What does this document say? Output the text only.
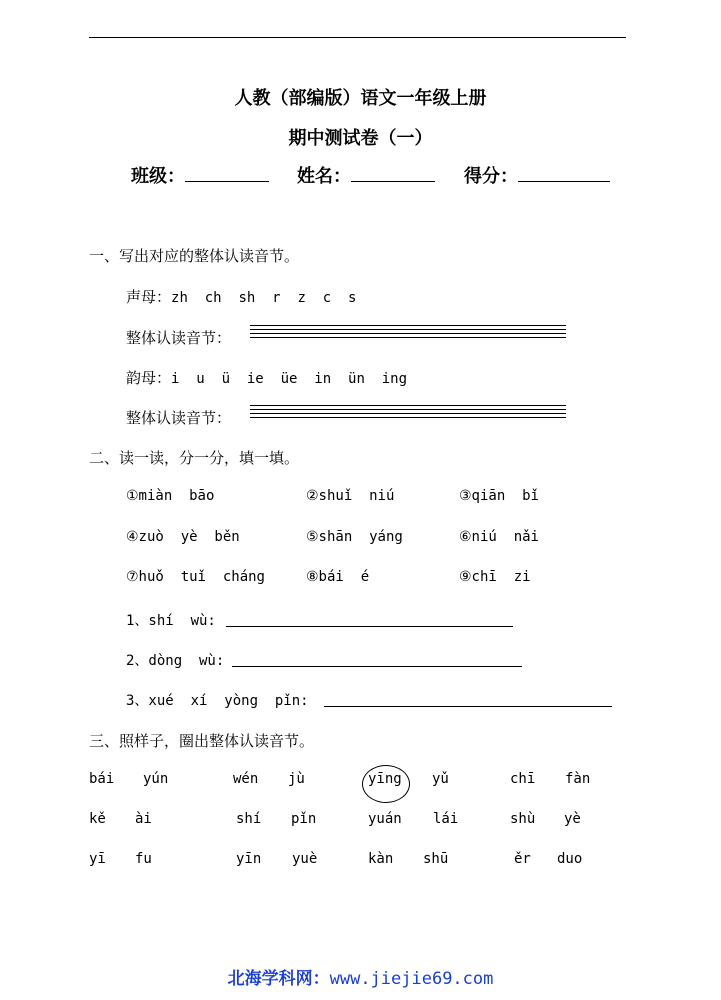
人教（部编版）语文一年级上册
期中测试卷（一）
班级：	姓名：	得分：
一、写出对应的整体认读音节。
声母：zh  ch  sh  r  z  c  s
整体认读音节：
韵母：i  u  ü  ie  üe  in  ün  ing
整体认读音节：
二、读一读，分一分，填一填。
①miàn  bāo	②shuǐ  niú	③qiān  bǐ
④zuò  yè  běn	⑤shān  yáng	⑥niú  nǎi
⑦huǒ  tuǐ  cháng	⑧bái  é	⑨chī  zi
1、shí  wù:
2、dòng  wù:
3、xué  xí  yòng  pǐn:
三、照样子，圈出整体认读音节。
bái yún	wén jù	yīng yǔ	chī fàn
kě ài	shí pǐn	yuán lái	shù yè
yī fu	yīn yuè	kàn shū	ěr duo
北海学科网：www.jiejie69.com
